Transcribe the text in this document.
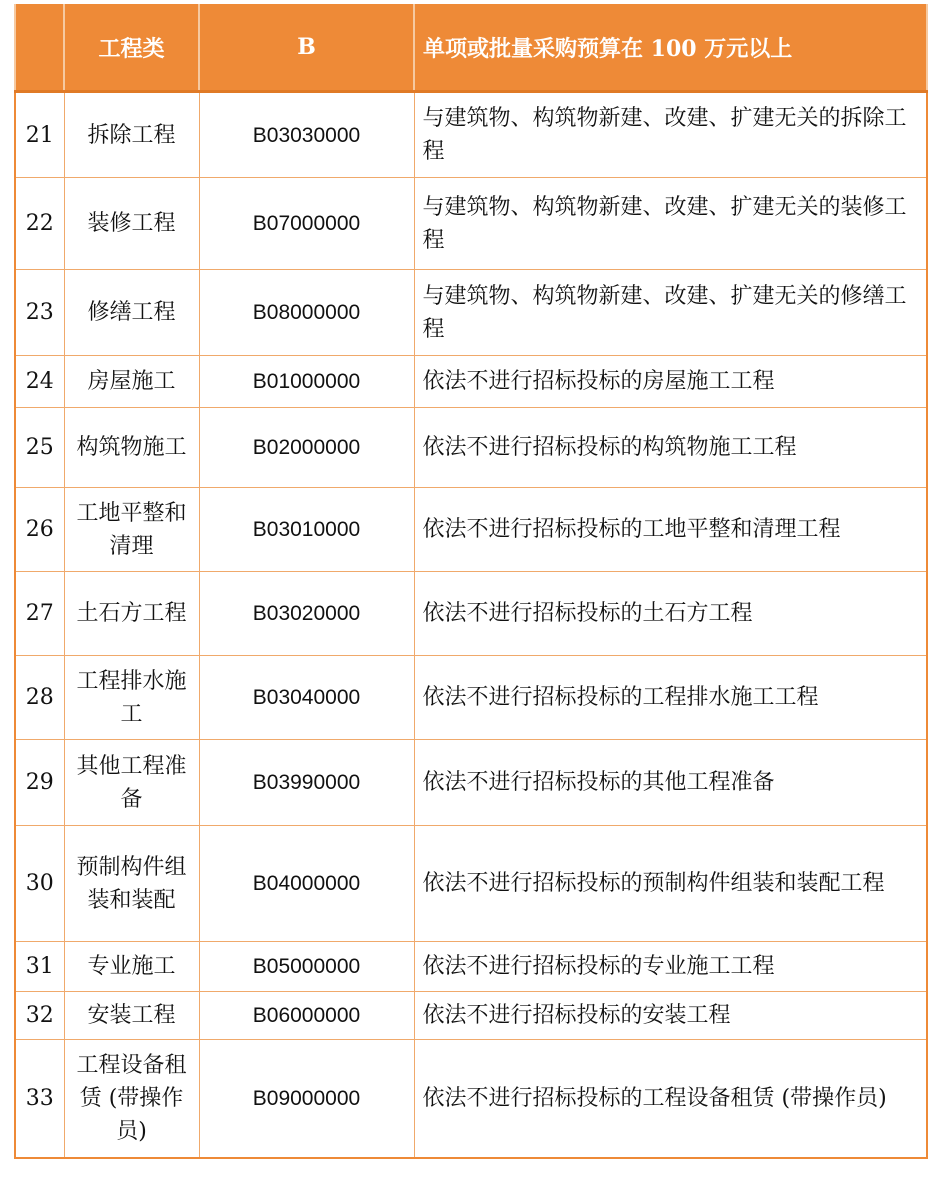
	工程类	B	单项或批量采购预算在 100 万元以上
21	拆除工程	B03030000	与建筑物、构筑物新建、改建、扩建无关的拆除工程
22	装修工程	B07000000	与建筑物、构筑物新建、改建、扩建无关的装修工程
23	修缮工程	B08000000	与建筑物、构筑物新建、改建、扩建无关的修缮工程
24	房屋施工	B01000000	依法不进行招标投标的房屋施工工程
25	构筑物施工	B02000000	依法不进行招标投标的构筑物施工工程
26	工地平整和清理	B03010000	依法不进行招标投标的工地平整和清理工程
27	土石方工程	B03020000	依法不进行招标投标的土石方工程
28	工程排水施工	B03040000	依法不进行招标投标的工程排水施工工程
29	其他工程准备	B03990000	依法不进行招标投标的其他工程准备
30	预制构件组装和装配	B04000000	依法不进行招标投标的预制构件组装和装配工程
31	专业施工	B05000000	依法不进行招标投标的专业施工工程
32	安装工程	B06000000	依法不进行招标投标的安装工程
33	工程设备租赁 (带操作员)	B09000000	依法不进行招标投标的工程设备租赁 (带操作员)
